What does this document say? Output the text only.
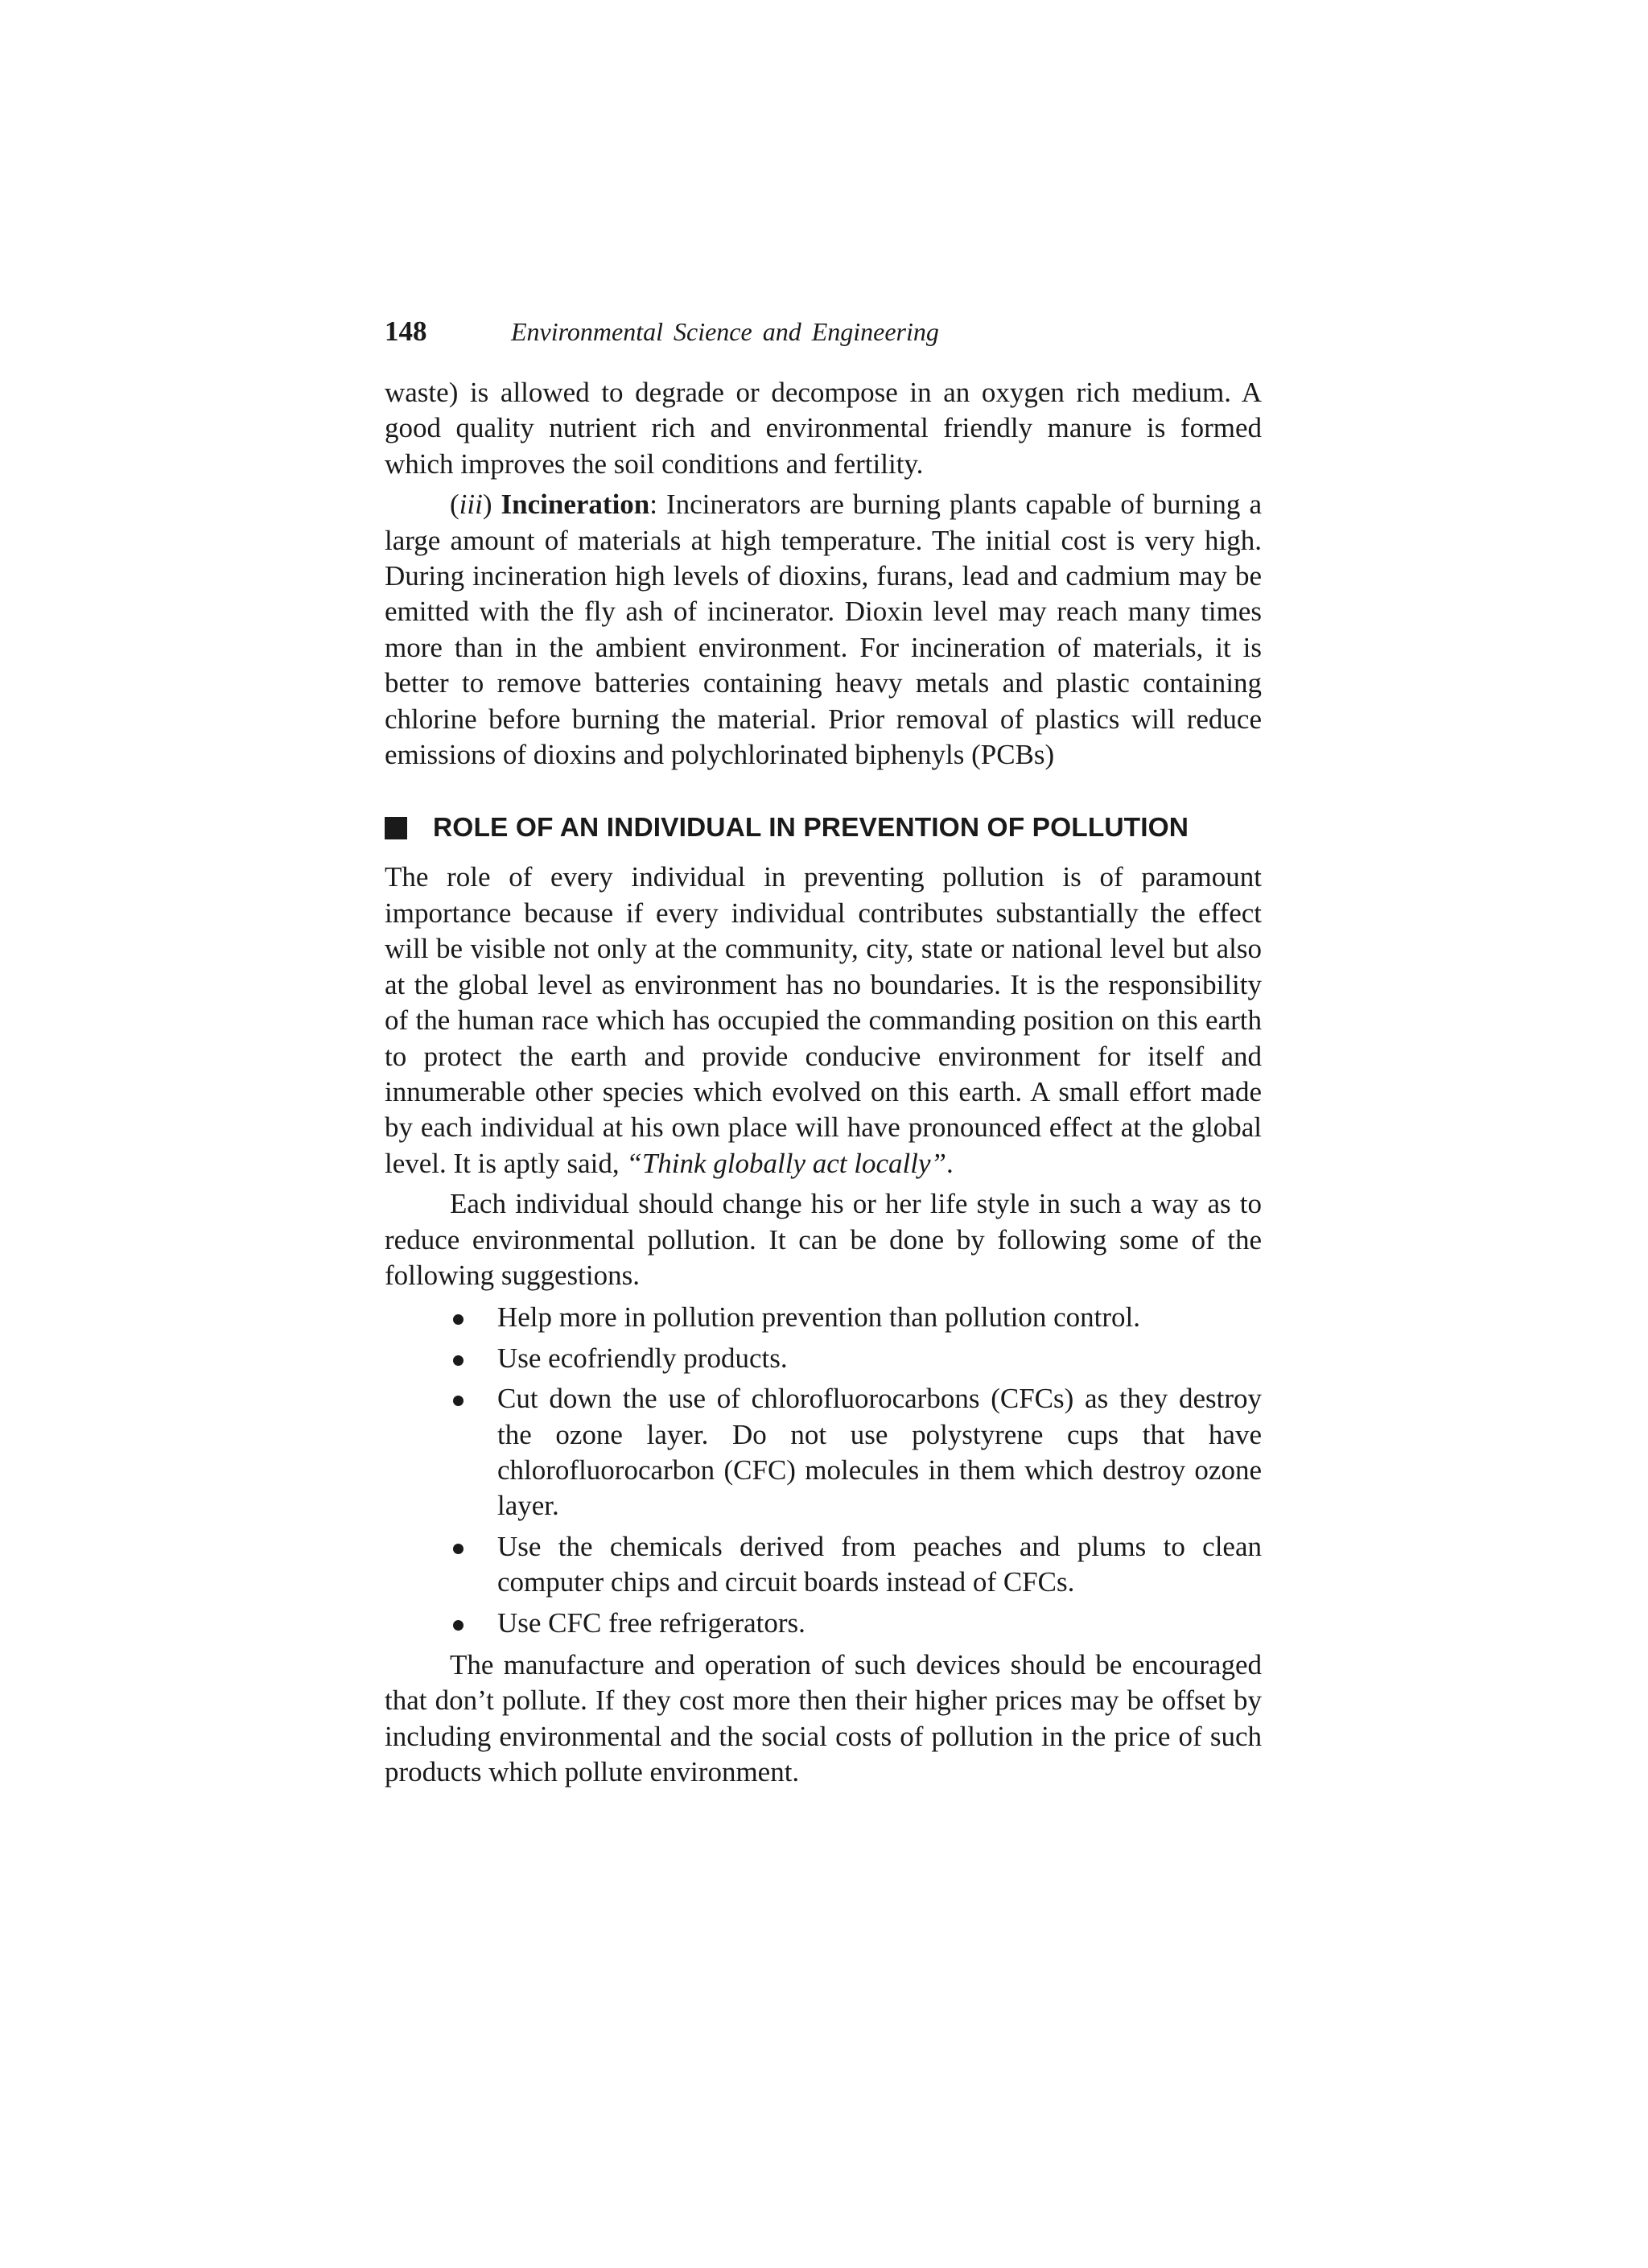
148	Environmental Science and Engineering

waste) is allowed to degrade or decompose in an oxygen rich medium. A good quality nutrient rich and environmental friendly manure is formed which improves the soil conditions and fertility.

(iii) Incineration: Incinerators are burning plants capable of burning a large amount of materials at high temperature. The initial cost is very high. During incineration high levels of dioxins, furans, lead and cadmium may be emitted with the fly ash of incinerator. Dioxin level may reach many times more than in the ambient environment. For incineration of materials, it is better to remove batteries containing heavy metals and plastic containing chlorine before burning the material. Prior removal of plastics will reduce emissions of dioxins and polychlorinated biphenyls (PCBs)

ROLE OF AN INDIVIDUAL IN PREVENTION OF POLLUTION

The role of every individual in preventing pollution is of paramount importance because if every individual contributes substantially the effect will be visible not only at the community, city, state or national level but also at the global level as environment has no boundaries. It is the responsibility of the human race which has occupied the commanding position on this earth to protect the earth and provide conducive environment for itself and innumerable other species which evolved on this earth. A small effort made by each individual at his own place will have pronounced effect at the global level. It is aptly said, “Think globally act locally”.

Each individual should change his or her life style in such a way as to reduce environmental pollution. It can be done by following some of the following suggestions.

Help more in pollution prevention than pollution control.
Use ecofriendly products.
Cut down the use of chlorofluorocarbons (CFCs) as they destroy the ozone layer. Do not use polystyrene cups that have chlorofluorocarbon (CFC) molecules in them which destroy ozone layer.
Use the chemicals derived from peaches and plums to clean computer chips and circuit boards instead of CFCs.
Use CFC free refrigerators.

The manufacture and operation of such devices should be encouraged that don’t pollute. If they cost more then their higher prices may be offset by including environmental and the social costs of pollution in the price of such products which pollute environment.
